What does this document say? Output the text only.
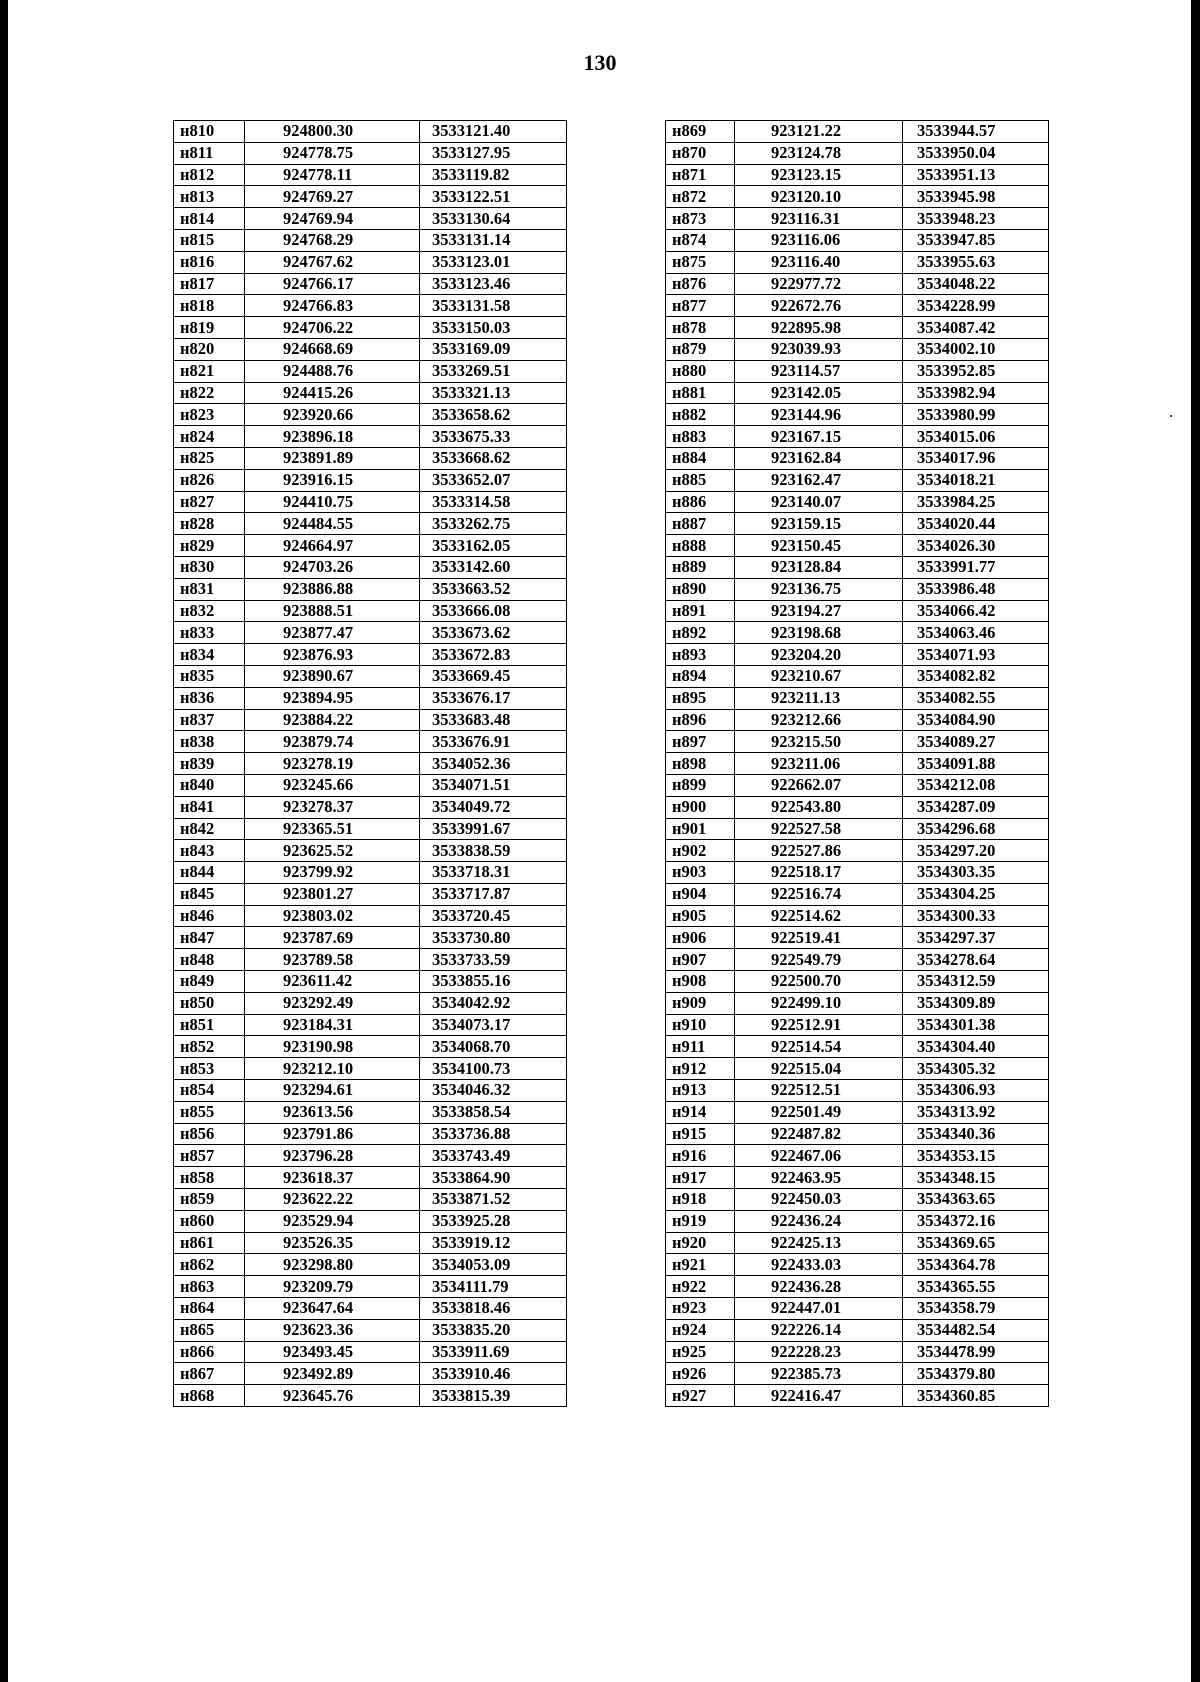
130
н810	924800.30	3533121.40
н811	924778.75	3533127.95
н812	924778.11	3533119.82
н813	924769.27	3533122.51
н814	924769.94	3533130.64
н815	924768.29	3533131.14
н816	924767.62	3533123.01
н817	924766.17	3533123.46
н818	924766.83	3533131.58
н819	924706.22	3533150.03
н820	924668.69	3533169.09
н821	924488.76	3533269.51
н822	924415.26	3533321.13
н823	923920.66	3533658.62
н824	923896.18	3533675.33
н825	923891.89	3533668.62
н826	923916.15	3533652.07
н827	924410.75	3533314.58
н828	924484.55	3533262.75
н829	924664.97	3533162.05
н830	924703.26	3533142.60
н831	923886.88	3533663.52
н832	923888.51	3533666.08
н833	923877.47	3533673.62
н834	923876.93	3533672.83
н835	923890.67	3533669.45
н836	923894.95	3533676.17
н837	923884.22	3533683.48
н838	923879.74	3533676.91
н839	923278.19	3534052.36
н840	923245.66	3534071.51
н841	923278.37	3534049.72
н842	923365.51	3533991.67
н843	923625.52	3533838.59
н844	923799.92	3533718.31
н845	923801.27	3533717.87
н846	923803.02	3533720.45
н847	923787.69	3533730.80
н848	923789.58	3533733.59
н849	923611.42	3533855.16
н850	923292.49	3534042.92
н851	923184.31	3534073.17
н852	923190.98	3534068.70
н853	923212.10	3534100.73
н854	923294.61	3534046.32
н855	923613.56	3533858.54
н856	923791.86	3533736.88
н857	923796.28	3533743.49
н858	923618.37	3533864.90
н859	923622.22	3533871.52
н860	923529.94	3533925.28
н861	923526.35	3533919.12
н862	923298.80	3534053.09
н863	923209.79	3534111.79
н864	923647.64	3533818.46
н865	923623.36	3533835.20
н866	923493.45	3533911.69
н867	923492.89	3533910.46
н868	923645.76	3533815.39
н869	923121.22	3533944.57
н870	923124.78	3533950.04
н871	923123.15	3533951.13
н872	923120.10	3533945.98
н873	923116.31	3533948.23
н874	923116.06	3533947.85
н875	923116.40	3533955.63
н876	922977.72	3534048.22
н877	922672.76	3534228.99
н878	922895.98	3534087.42
н879	923039.93	3534002.10
н880	923114.57	3533952.85
н881	923142.05	3533982.94
н882	923144.96	3533980.99
н883	923167.15	3534015.06
н884	923162.84	3534017.96
н885	923162.47	3534018.21
н886	923140.07	3533984.25
н887	923159.15	3534020.44
н888	923150.45	3534026.30
н889	923128.84	3533991.77
н890	923136.75	3533986.48
н891	923194.27	3534066.42
н892	923198.68	3534063.46
н893	923204.20	3534071.93
н894	923210.67	3534082.82
н895	923211.13	3534082.55
н896	923212.66	3534084.90
н897	923215.50	3534089.27
н898	923211.06	3534091.88
н899	922662.07	3534212.08
н900	922543.80	3534287.09
н901	922527.58	3534296.68
н902	922527.86	3534297.20
н903	922518.17	3534303.35
н904	922516.74	3534304.25
н905	922514.62	3534300.33
н906	922519.41	3534297.37
н907	922549.79	3534278.64
н908	922500.70	3534312.59
н909	922499.10	3534309.89
н910	922512.91	3534301.38
н911	922514.54	3534304.40
н912	922515.04	3534305.32
н913	922512.51	3534306.93
н914	922501.49	3534313.92
н915	922487.82	3534340.36
н916	922467.06	3534353.15
н917	922463.95	3534348.15
н918	922450.03	3534363.65
н919	922436.24	3534372.16
н920	922425.13	3534369.65
н921	922433.03	3534364.78
н922	922436.28	3534365.55
н923	922447.01	3534358.79
н924	922226.14	3534482.54
н925	922228.23	3534478.99
н926	922385.73	3534379.80
н927	922416.47	3534360.85
